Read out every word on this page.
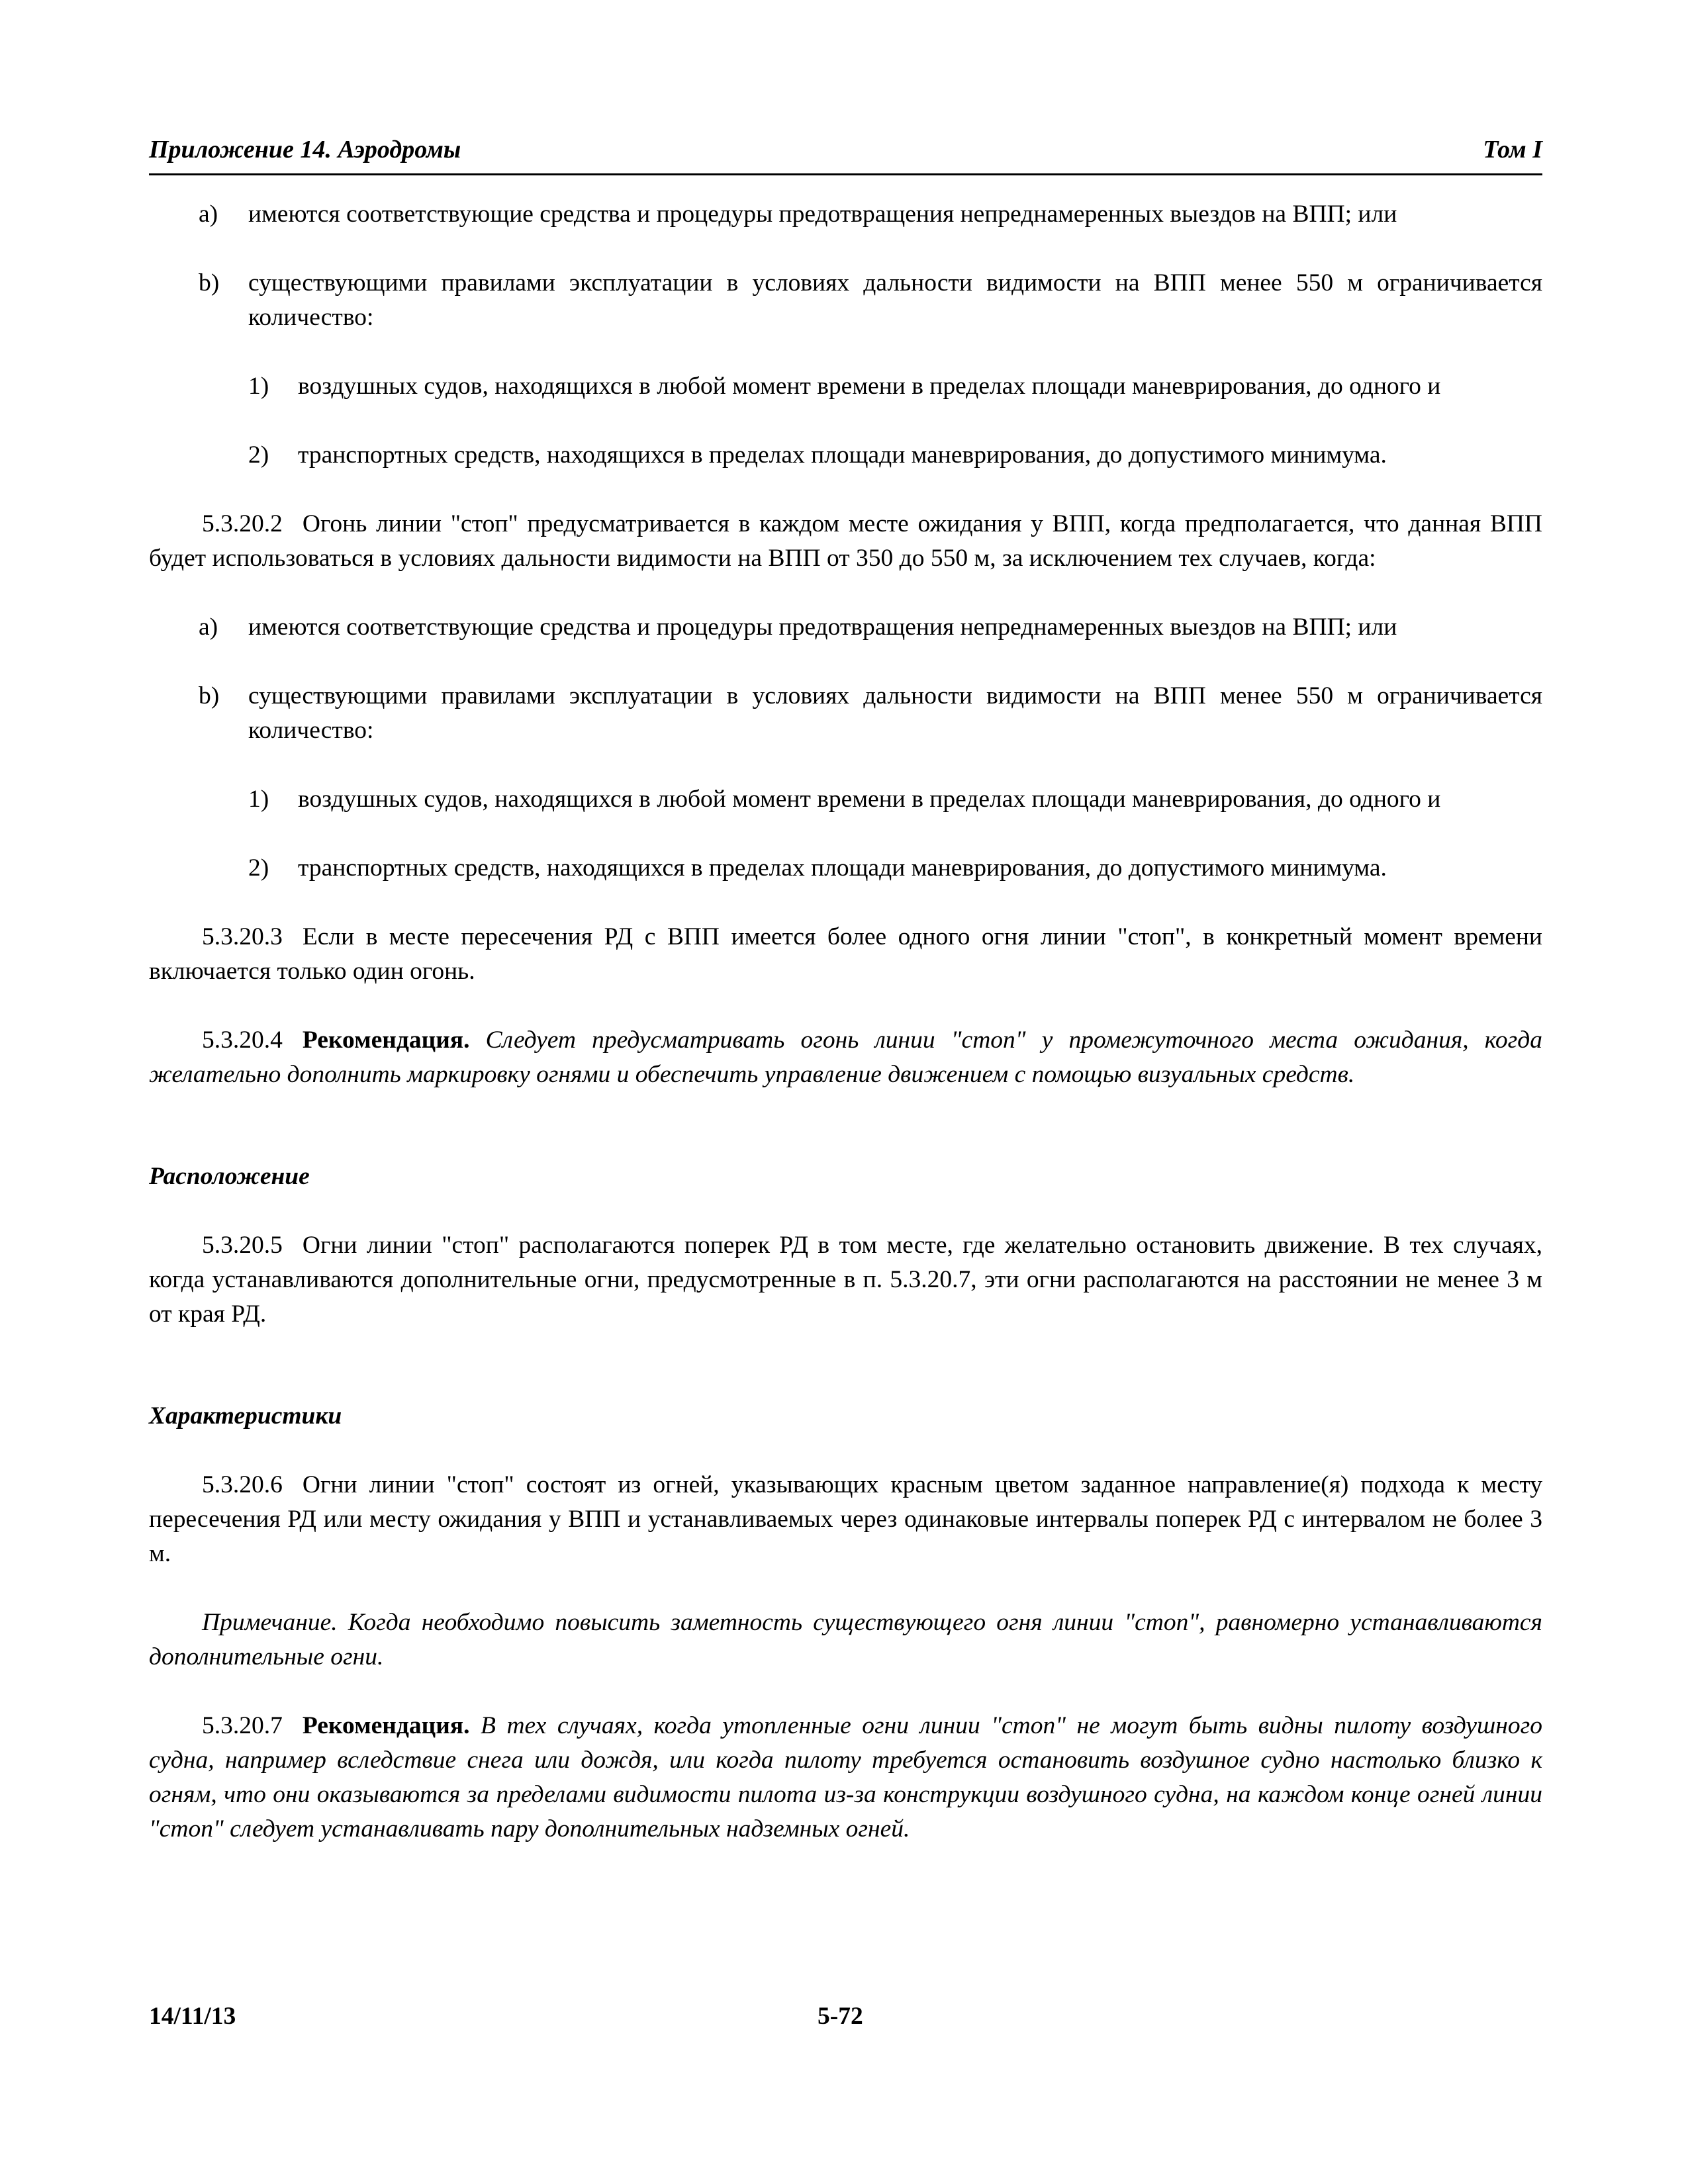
Приложение 14. Аэродромы	Том I
a) имеются соответствующие средства и процедуры предотвращения непреднамеренных выездов на ВПП; или
b) существующими правилами эксплуатации в условиях дальности видимости на ВПП менее 550 м ограничивается количество:
1) воздушных судов, находящихся в любой момент времени в пределах площади маневрирования, до одного и
2) транспортных средств, находящихся в пределах площади маневрирования, до допустимого минимума.

5.3.20.2 Огонь линии "стоп" предусматривается в каждом месте ожидания у ВПП, когда предполагается, что данная ВПП будет использоваться в условиях дальности видимости на ВПП от 350 до 550 м, за исключением тех случаев, когда:

a) имеются соответствующие средства и процедуры предотвращения непреднамеренных выездов на ВПП; или
b) существующими правилами эксплуатации в условиях дальности видимости на ВПП менее 550 м ограничивается количество:
1) воздушных судов, находящихся в любой момент времени в пределах площади маневрирования, до одного и
2) транспортных средств, находящихся в пределах площади маневрирования, до допустимого минимума.

5.3.20.3 Если в месте пересечения РД с ВПП имеется более одного огня линии "стоп", в конкретный момент времени включается только один огонь.

5.3.20.4 Рекомендация. Следует предусматривать огонь линии "стоп" у промежуточного места ожидания, когда желательно дополнить маркировку огнями и обеспечить управление движением с помощью визуальных средств.

Расположение

5.3.20.5 Огни линии "стоп" располагаются поперек РД в том месте, где желательно остановить движение. В тех случаях, когда устанавливаются дополнительные огни, предусмотренные в п. 5.3.20.7, эти огни располагаются на расстоянии не менее 3 м от края РД.

Характеристики

5.3.20.6 Огни линии "стоп" состоят из огней, указывающих красным цветом заданное направление(я) подхода к месту пересечения РД или месту ожидания у ВПП и устанавливаемых через одинаковые интервалы поперек РД с интервалом не более 3 м.

Примечание. Когда необходимо повысить заметность существующего огня линии "стоп", равномерно устанавливаются дополнительные огни.

5.3.20.7 Рекомендация. В тех случаях, когда утопленные огни линии "стоп" не могут быть видны пилоту воздушного судна, например вследствие снега или дождя, или когда пилоту требуется остановить воздушное судно настолько близко к огням, что они оказываются за пределами видимости пилота из-за конструкции воздушного судна, на каждом конце огней линии "стоп" следует устанавливать пару дополнительных надземных огней.

14/11/13	5-72
